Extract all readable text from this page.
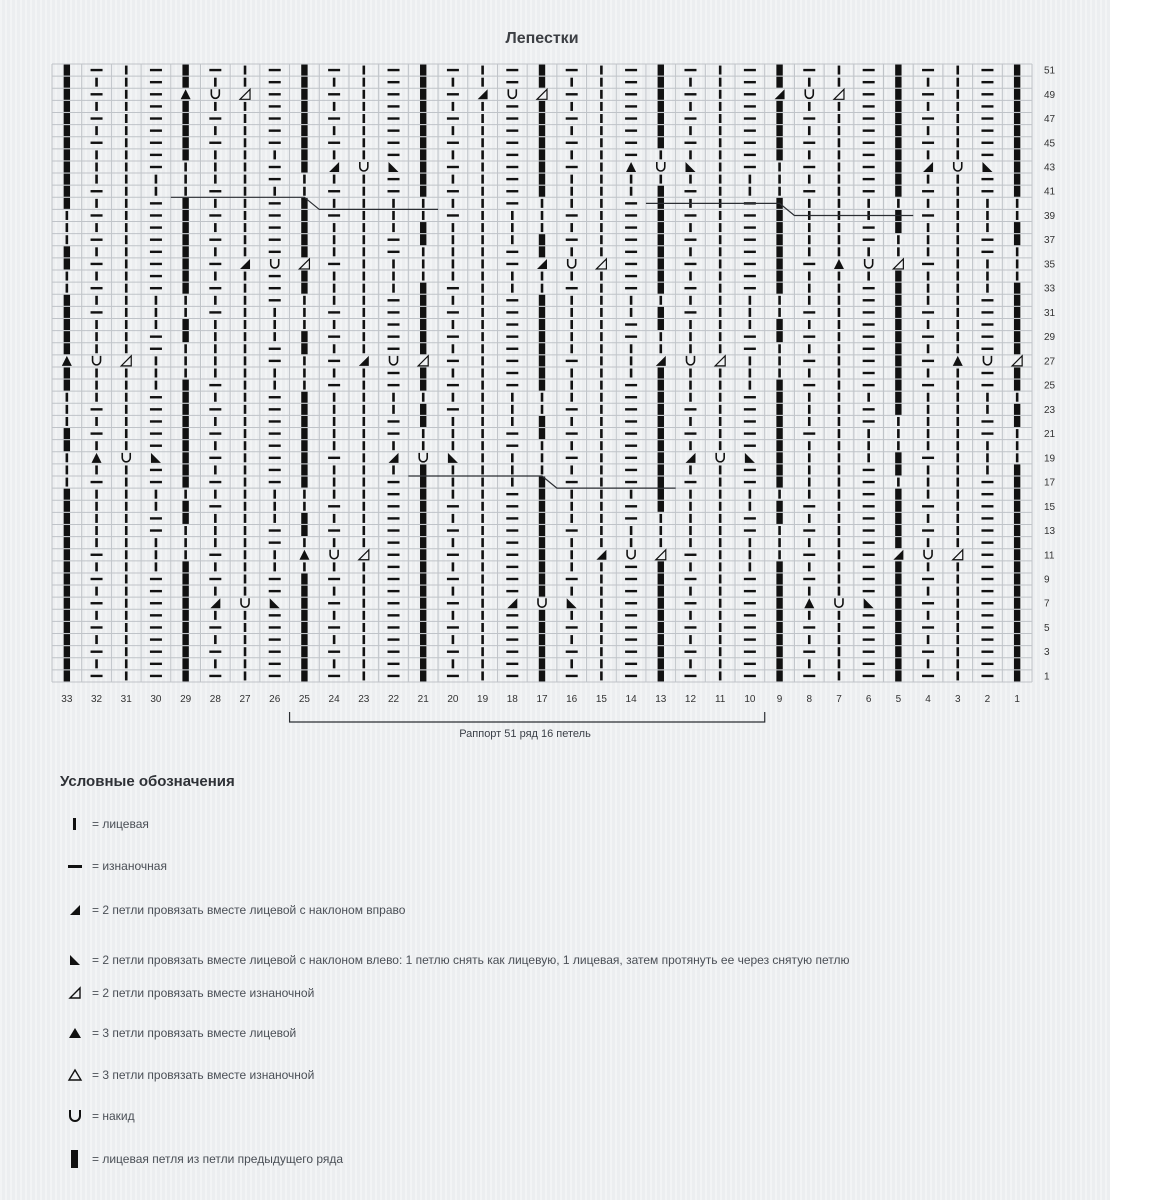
Лепестки
1
3
5
7
9
11
13
15
17
19
21
23
25
27
29
31
33
35
37
39
41
43
45
47
49
51
33 32 31 30 29 28 27 26 25 24 23 22 21 20 19 18 17 16 15 14 13 12 11 10 9 8 7 6 5 4 3 2 1
Раппорт 51 ряд 16 петель
Условные обозначения
= лицевая
= изнаночная
= 2 петли провязать вместе лицевой с наклоном вправо
= 2 петли провязать вместе лицевой с наклоном влево: 1 петлю снять как лицевую, 1 лицевая, затем протянуть ее через снятую петлю
= 2 петли провязать вместе изнаночной
= 3 петли провязать вместе лицевой
= 3 петли провязать вместе изнаночной
= накид
= лицевая петля из петли предыдущего ряда
